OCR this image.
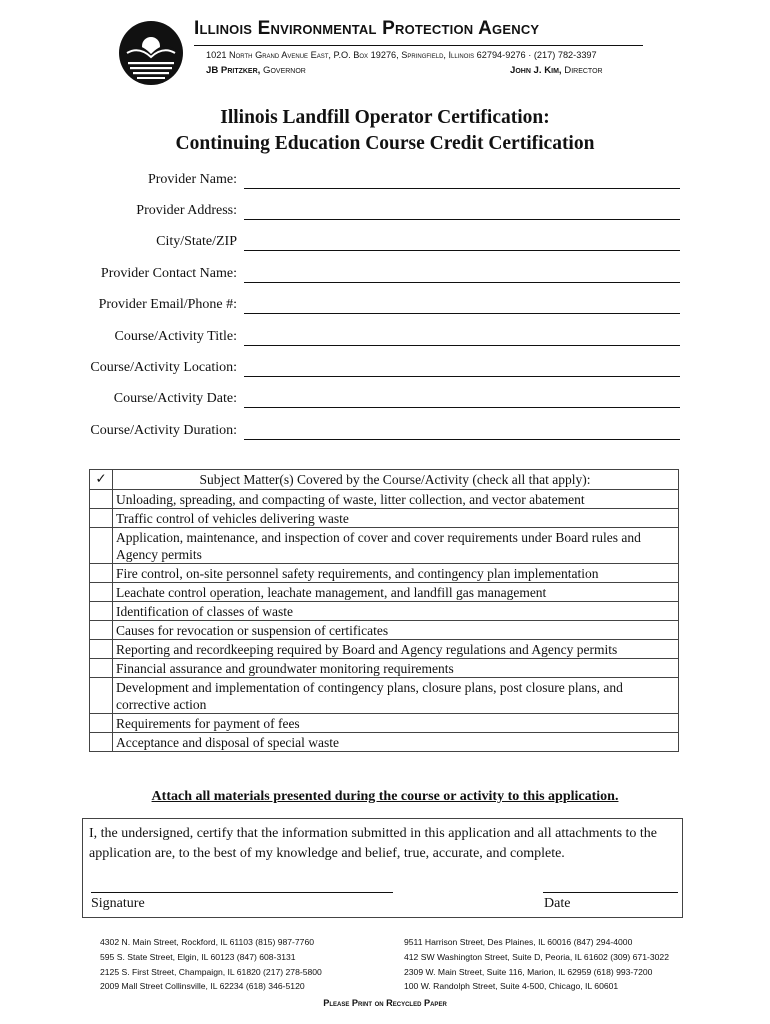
Illinois Environmental Protection Agency
1021 North Grand Avenue East, P.O. Box 19276, Springfield, Illinois 62794-9276 · (217) 782-3397
JB Pritzker, Governor	John J. Kim, Director
Illinois Landfill Operator Certification:
Continuing Education Course Credit Certification
Provider Name:
Provider Address:
City/State/ZIP
Provider Contact Name:
Provider Email/Phone #:
Course/Activity Title:
Course/Activity Location:
Course/Activity Date:
Course/Activity Duration:
✓	Subject Matter(s) Covered by the Course/Activity (check all that apply):
	Unloading, spreading, and compacting of waste, litter collection, and vector abatement
	Traffic control of vehicles delivering waste
	Application, maintenance, and inspection of cover and cover requirements under Board rules and Agency permits
	Fire control, on-site personnel safety requirements, and contingency plan implementation
	Leachate control operation, leachate management, and landfill gas management
	Identification of classes of waste
	Causes for revocation or suspension of certificates
	Reporting and recordkeeping required by Board and Agency regulations and Agency permits
	Financial assurance and groundwater monitoring requirements
	Development and implementation of contingency plans, closure plans, post closure plans, and corrective action
	Requirements for payment of fees
	Acceptance and disposal of special waste
Attach all materials presented during the course or activity to this application.
I, the undersigned, certify that the information submitted in this application and all attachments to the application are, to the best of my knowledge and belief, true, accurate, and complete.
Signature	Date
4302 N. Main Street, Rockford, IL 61103 (815) 987-7760
595 S. State Street, Elgin, IL 60123 (847) 608-3131
2125 S. First Street, Champaign, IL 61820 (217) 278-5800
2009 Mall Street Collinsville, IL 62234 (618) 346-5120
9511 Harrison Street, Des Plaines, IL 60016 (847) 294-4000
412 SW Washington Street, Suite D, Peoria, IL 61602 (309) 671-3022
2309 W. Main Street, Suite 116, Marion, IL 62959 (618) 993-7200
100 W. Randolph Street, Suite 4-500, Chicago, IL 60601
Please Print on Recycled Paper
